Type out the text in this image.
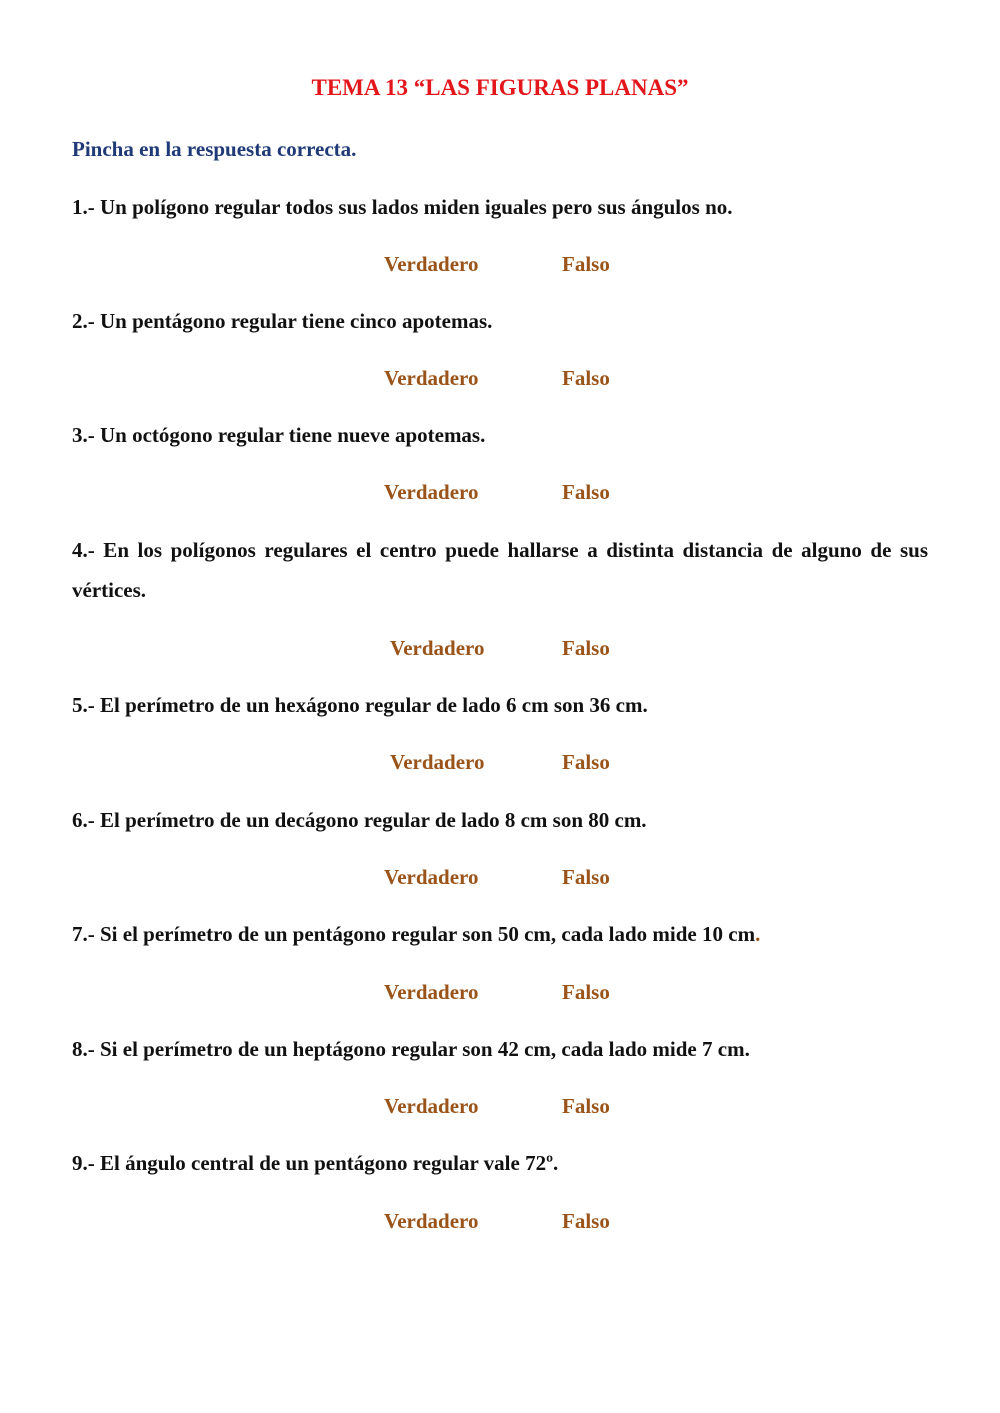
TEMA 13 “LAS FIGURAS PLANAS”
Pincha en la respuesta correcta.
1.- Un polígono regular todos sus lados miden iguales pero sus ángulos no.
Verdadero	Falso
2.- Un pentágono regular tiene cinco apotemas.
Verdadero	Falso
3.- Un octógono regular tiene nueve apotemas.
Verdadero	Falso
4.- En los polígonos regulares el centro puede hallarse a distinta distancia de alguno de sus vértices.
Verdadero	Falso
5.- El perímetro de un hexágono regular de lado 6 cm son 36 cm.
Verdadero	Falso
6.- El perímetro de un decágono regular de lado 8 cm son 80 cm.
Verdadero	Falso
7.- Si el perímetro de un pentágono regular son 50 cm, cada lado mide 10 cm.
Verdadero	Falso
8.- Si el perímetro de un heptágono regular son 42 cm, cada lado mide 7 cm.
Verdadero	Falso
9.- El ángulo central de un pentágono regular vale 72º.
Verdadero	Falso
